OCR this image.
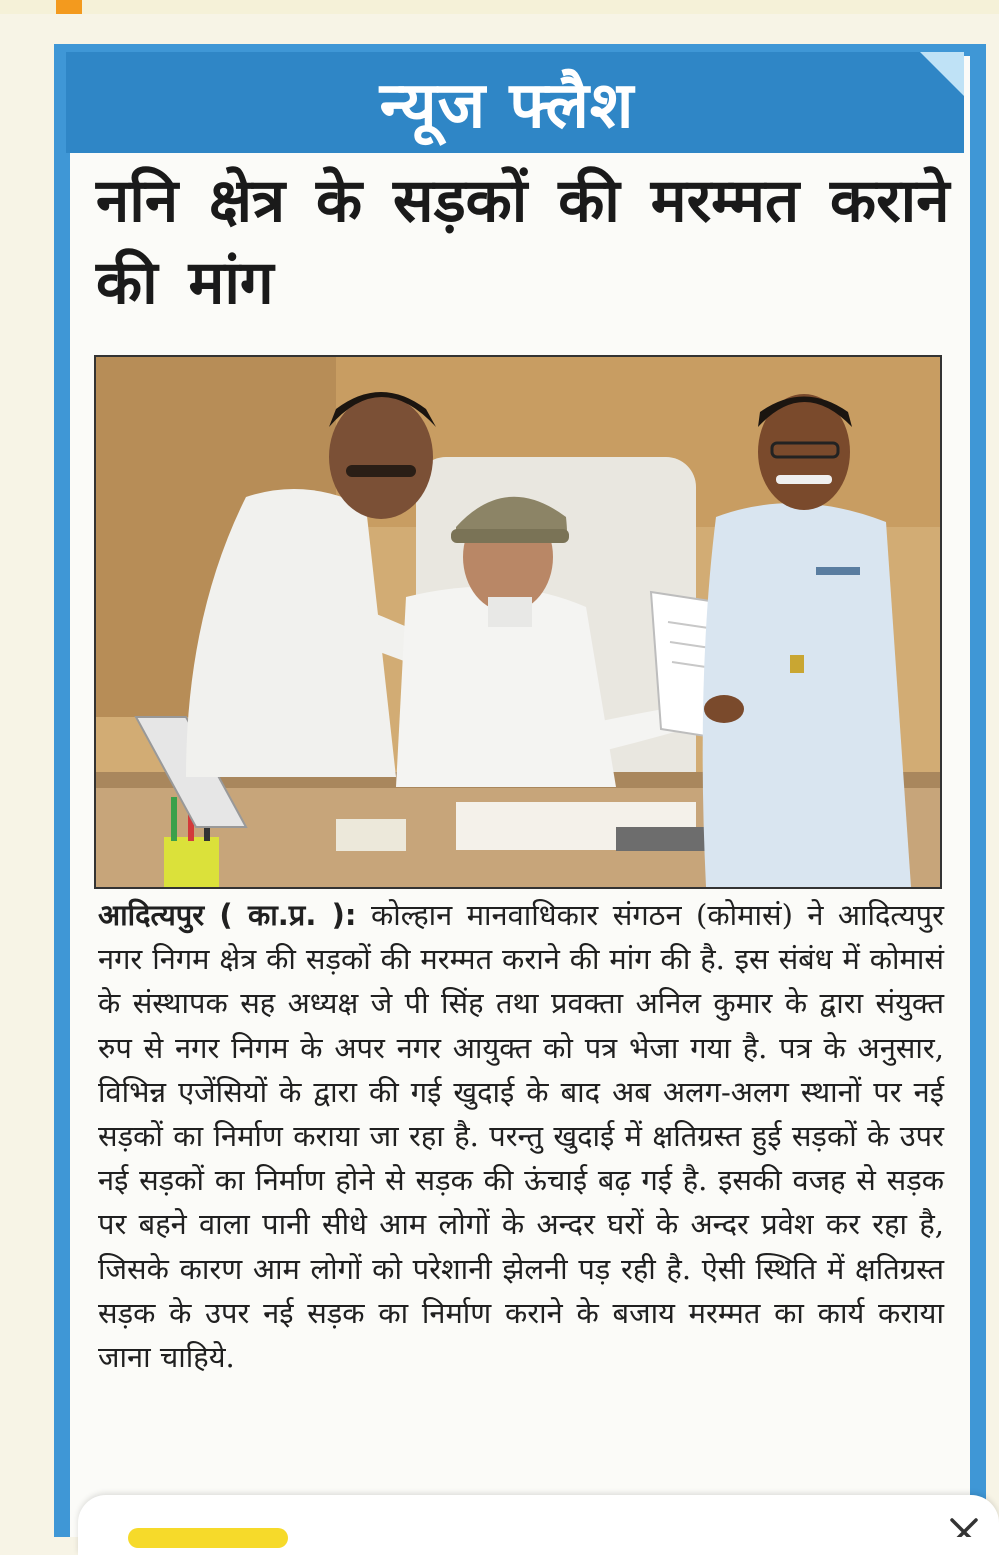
न्यूज फ्लैश
ननि क्षेत्र के सड़कों की मरम्मत कराने की मांग
आदित्यपुर ( का.प्र. ): कोल्हान मानवाधिकार संगठन (कोमासं) ने आदित्यपुर नगर निगम क्षेत्र की सड़कों की मरम्मत कराने की मांग की है. इस संबंध में कोमासं के संस्थापक सह अध्यक्ष जे पी सिंह तथा प्रवक्ता अनिल कुमार के द्वारा संयुक्त रुप से नगर निगम के अपर नगर आयुक्त को पत्र भेजा गया है. पत्र के अनुसार, विभिन्न एजेंसियों के द्वारा की गई खुदाई के बाद अब अलग-अलग स्थानों पर नई सड़कों का निर्माण कराया जा रहा है. परन्तु खुदाई में क्षतिग्रस्त हुई सड़कों के उपर नई सड़कों का निर्माण होने से सड़क की ऊंचाई बढ़ गई है. इसकी वजह से सड़क पर बहने वाला पानी सीधे आम लोगों के अन्दर घरों के अन्दर प्रवेश कर रहा है, जिसके कारण आम लोगों को परेशानी झेलनी पड़ रही है. ऐसी स्थिति में क्षतिग्रस्त सड़क के उपर नई सड़क का निर्माण कराने के बजाय मरम्मत का कार्य कराया जाना चाहिये.
